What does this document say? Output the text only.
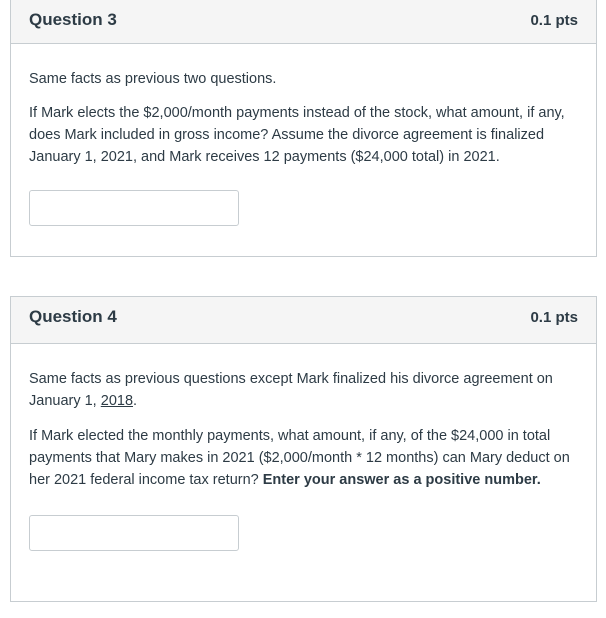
Question 3	0.1 pts

Same facts as previous two questions.

If Mark elects the $2,000/month payments instead of the stock, what amount, if any, does Mark included in gross income? Assume the divorce agreement is finalized January 1, 2021, and Mark receives 12 payments ($24,000 total) in 2021.

Question 4	0.1 pts

Same facts as previous questions except Mark finalized his divorce agreement on January 1, 2018.

If Mark elected the monthly payments, what amount, if any, of the $24,000 in total payments that Mary makes in 2021 ($2,000/month * 12 months) can Mary deduct on her 2021 federal income tax return? Enter your answer as a positive number.
